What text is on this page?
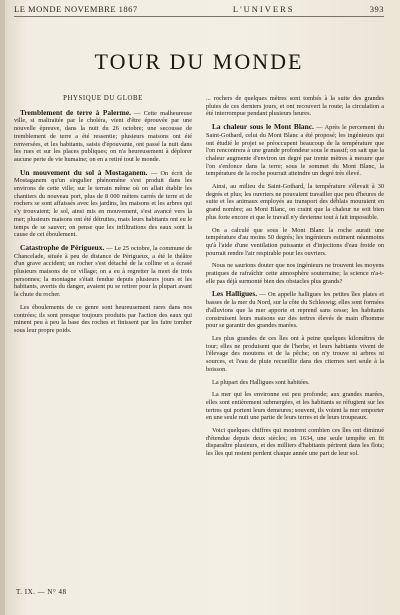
LE MONDE NOVEMBRE 1867	L'UNIVERS	393
TOUR DU MONDE
PHYSIQUE DU GLOBE

Tremblement de terre à Palerme. — Cette malheureuse ville, si maltraitée par le choléra, vient d'être éprouvée par une nouvelle épreuve, dans la nuit du 26 octobre; une secousse de tremblement de terre a été ressentie; plusieurs maisons ont été renversées, et les habitants, saisis d'épouvante, ont passé la nuit dans les rues et sur les places publiques; on n'a heureusement à déplorer aucune perte de vie humaine; on en a retiré tout le monde.

Un mouvement du sol à Mostaganem. — On écrit de Mostaganem qu'un singulier phénomène s'est produit dans les environs de cette ville; sur le terrain même où on allait établir les chantiers du nouveau port, plus de 8 000 mètres carrés de terre et de rochers se sont affaissés avec les jardins, les maisons et les arbres qui s'y trouvaient; le sol, ainsi mis en mouvement, s'est avancé vers la mer; plusieurs maisons ont été détruites, mais leurs habitants ont eu le temps de se sauver; on pense que les infiltrations des eaux sont la cause de cet éboulement.

Catastrophe de Périgueux. — Le 25 octobre, la commune de Chancelade, située à peu de distance de Périgueux, a été le théâtre d'un grave accident; un rocher s'est détaché de la colline et a écrasé plusieurs maisons de ce village; on a eu à regretter la mort de trois personnes; la montagne s'était fendue depuis plusieurs jours et les habitants, avertis du danger, avaient pu se retirer pour la plupart avant la chute du rocher.

Les éboulements de ce genre sont heureusement rares dans nos contrées; ils sont presque toujours produits par l'action des eaux qui minent peu à peu la base des roches et finissent par les faire tomber sous leur propre poids.

... rochers de quelques mètres sont tombés à la suite des grandes pluies de ces derniers jours, et ont recouvert la route; la circulation a été interrompue pendant plusieurs heures.

La chaleur sous le Mont Blanc. — Après le percement du Saint-Gothard, celui du Mont Blanc a été proposé; les ingénieurs qui ont étudié le projet se préoccupent beaucoup de la température que l'on rencontrera à une grande profondeur sous le massif; on sait que la chaleur augmente d'environ un degré par trente mètres à mesure que l'on s'enfonce dans la terre; sous le sommet du Mont Blanc, la température de la roche pourrait atteindre un degré très élevé.

Ainsi, au milieu du Saint-Gothard, la température s'élevait à 30 degrés et plus; les ouvriers ne pouvaient travailler que peu d'heures de suite et les animaux employés au transport des déblais mouraient en grand nombre; au Mont Blanc, on craint que la chaleur ne soit bien plus forte encore et que le travail n'y devienne tout à fait impossible.

On a calculé que sous le Mont Blanc la roche aurait une température d'au moins 50 degrés; les ingénieurs estiment néanmoins qu'à l'aide d'une ventilation puissante et d'injections d'eau froide on pourrait rendre l'air respirable pour les ouvriers.

Nous ne saurions douter que nos ingénieurs ne trouvent les moyens pratiques de rafraîchir cette atmosphère souterraine; la science n'a-t-elle pas déjà surmonté bien des obstacles plus grands?

Les Halligues. — On appelle halligues les petites îles plates et basses de la mer du Nord, sur la côte du Schleswig; elles sont formées d'alluvions que la mer apporte et reprend sans cesse; les habitants construisent leurs maisons sur des tertres élevés de main d'homme pour se garantir des grandes marées.

Les plus grandes de ces îles ont à peine quelques kilomètres de tour; elles ne produisent que de l'herbe, et leurs habitants vivent de l'élevage des moutons et de la pêche; on n'y trouve ni arbres ni sources, et l'eau de pluie recueillie dans des citernes sert seule à la boisson.

La plupart des Halligues sont habitées.

La mer qui les environne est peu profonde; aux grandes marées, elles sont entièrement submergées, et les habitants se réfugient sur les tertres qui portent leurs demeures; souvent, ils voient la mer emporter en une seule nuit une partie de leurs terres et de leurs troupeaux.

Voici quelques chiffres qui montrent combien ces îles ont diminué d'étendue depuis deux siècles; en 1634, une seule tempête en fit disparaître plusieurs, et des milliers d'habitants périrent dans les flots; les îles qui restent perdent chaque année une part de leur sol.

T. IX. — N° 48
